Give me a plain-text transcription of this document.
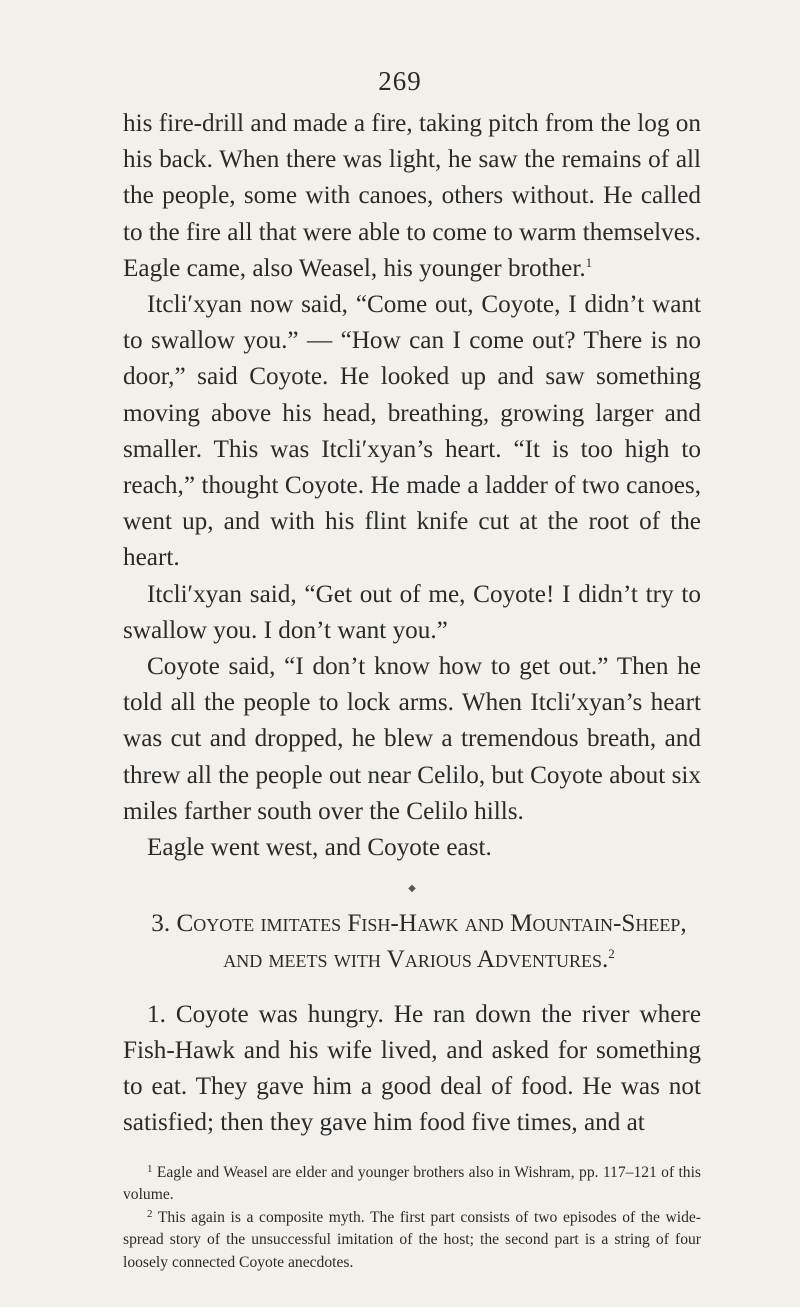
269

his fire-drill and made a fire, taking pitch from the log on his back. When there was light, he saw the remains of all the people, some with canoes, others without. He called to the fire all that were able to come to warm themselves. Eagle came, also Weasel, his younger brother.$^1$

Itcli′xyan now said, “Come out, Coyote, I didn’t want to swallow you.” — “How can I come out? There is no door,” said Coyote. He looked up and saw something moving above his head, breathing, growing larger and smaller. This was Itcli′xyan’s heart. “It is too high to reach,” thought Coyote. He made a ladder of two canoes, went up, and with his flint knife cut at the root of the heart.

Itcli′xyan said, “Get out of me, Coyote! I didn’t try to swallow you. I don’t want you.”

Coyote said, “I don’t know how to get out.” Then he told all the people to lock arms. When Itcli′xyan’s heart was cut and dropped, he blew a tremendous breath, and threw all the people out near Celilo, but Coyote about six miles farther south over the Celilo hills.

Eagle went west, and Coyote east.

◆

3. Coyote imitates Fish-Hawk and Mountain-Sheep, and meets with Various Adventures.$^2$

1. Coyote was hungry. He ran down the river where Fish-Hawk and his wife lived, and asked for something to eat. They gave him a good deal of food. He was not satisfied; then they gave him food five times, and at

$^1$ Eagle and Weasel are elder and younger brothers also in Wishram, pp. 117–121 of this volume.

$^2$ This again is a composite myth. The first part consists of two episodes of the wide-spread story of the unsuccessful imitation of the host; the second part is a string of four loosely connected Coyote anecdotes.
